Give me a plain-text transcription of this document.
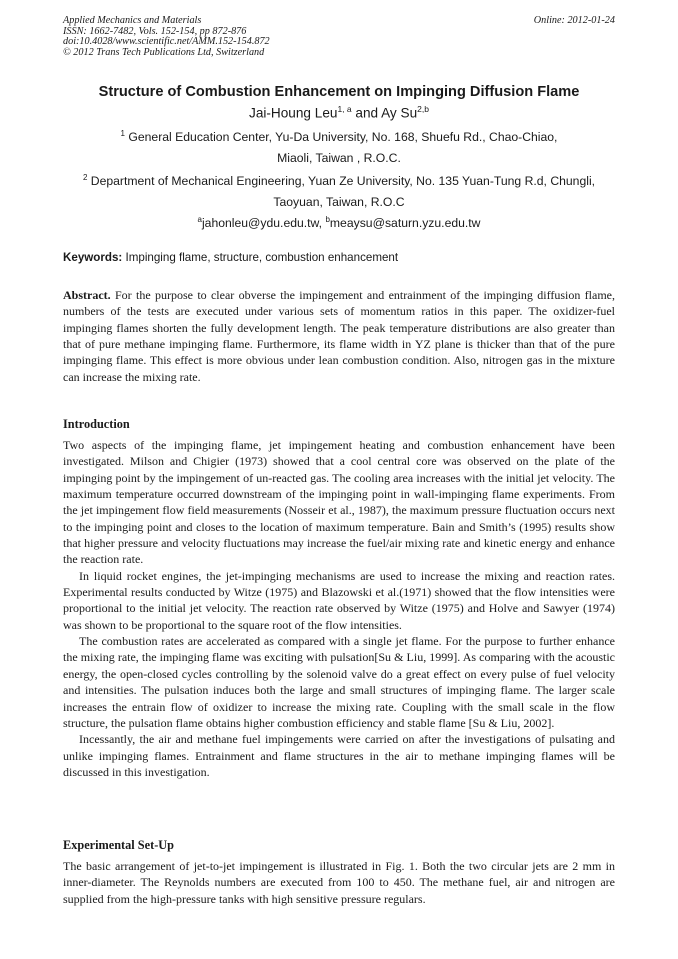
Applied Mechanics and Materials
ISSN: 1662-7482, Vols. 152-154, pp 872-876
doi:10.4028/www.scientific.net/AMM.152-154.872
© 2012 Trans Tech Publications Ltd, Switzerland
Online: 2012-01-24
Structure of Combustion Enhancement on Impinging Diffusion Flame
Jai-Houng Leu$^{1, a}$ and Ay Su$^{2,b}$
$^1$ General Education Center, Yu-Da University, No. 168, Shuefu Rd., Chao-Chiao,
Miaoli, Taiwan , R.O.C.
$^2$ Department of Mechanical Engineering, Yuan Ze University, No. 135 Yuan-Tung R.d, Chungli,
Taoyuan, Taiwan, R.O.C
$^a$jahonleu@ydu.edu.tw, $^b$meaysu@saturn.yzu.edu.tw
Keywords: Impinging flame, structure, combustion enhancement

Abstract. For the purpose to clear obverse the impingement and entrainment of the impinging diffusion flame, numbers of the tests are executed under various sets of momentum ratios in this paper. The oxidizer-fuel impinging flames shorten the fully development length. The peak temperature distributions are also greater than that of pure methane impinging flame. Furthermore, its flame width in YZ plane is thicker than that of the pure impinging flame. This effect is more obvious under lean combustion condition. Also, nitrogen gas in the mixture can increase the mixing rate.

Introduction

Two aspects of the impinging flame, jet impingement heating and combustion enhancement have been investigated. Milson and Chigier (1973) showed that a cool central core was observed on the plate of the impinging point by the impingement of un-reacted gas. The cooling area increases with the initial jet velocity. The maximum temperature occurred downstream of the impinging point in wall-impinging flame experiments. From the jet impingement flow field measurements (Nosseir et al., 1987), the maximum pressure fluctuation occurs next to the impinging point and closes to the location of maximum temperature. Bain and Smith’s (1995) results show that higher pressure and velocity fluctuations may increase the fuel/air mixing rate and kinetic energy and enhance the reaction rate.

In liquid rocket engines, the jet-impinging mechanisms are used to increase the mixing and reaction rates. Experimental results conducted by Witze (1975) and Blazowski et al.(1971) showed that the flow intensities were proportional to the initial jet velocity. The reaction rate observed by Witze (1975) and Holve and Sawyer (1974) was shown to be proportional to the square root of the flow intensities.

The combustion rates are accelerated as compared with a single jet flame. For the purpose to further enhance the mixing rate, the impinging flame was exciting with pulsation[Su & Liu, 1999]. As comparing with the acoustic energy, the open-closed cycles controlling by the solenoid valve do a great effect on every pulse of fuel velocity and intensities. The pulsation induces both the large and small structures of impinging flame. The larger scale increases the entrain flow of oxidizer to increase the mixing rate. Coupling with the small scale in the flow structure, the pulsation flame obtains higher combustion efficiency and stable flame [Su & Liu, 2002].

Incessantly, the air and methane fuel impingements were carried on after the investigations of pulsating and unlike impinging flames. Entrainment and flame structures in the air to methane impinging flames will be discussed in this investigation.

Experimental Set-Up

The basic arrangement of jet-to-jet impingement is illustrated in Fig. 1. Both the two circular jets are 2 mm in inner-diameter. The Reynolds numbers are executed from 100 to 450. The methane fuel, air and nitrogen are supplied from the high-pressure tanks with high sensitive pressure regulars.
